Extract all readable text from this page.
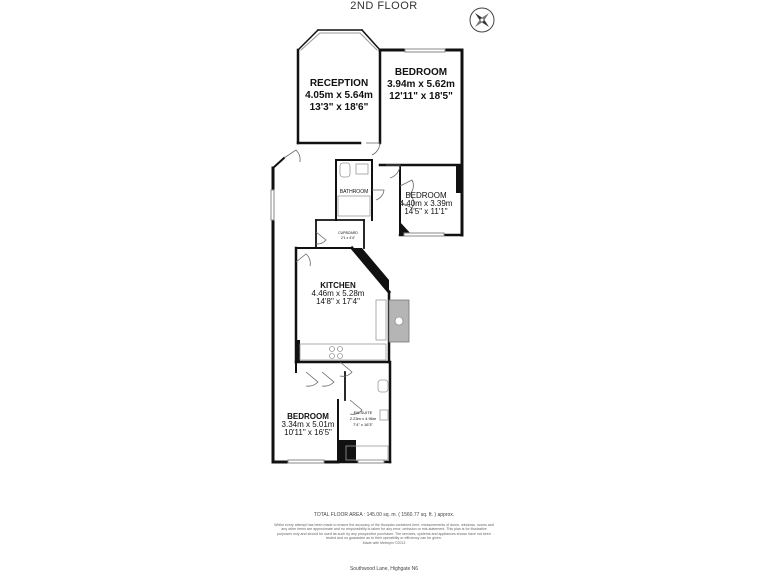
2ND FLOOR
RECEPTION
4.05m x 5.64m
13'3" x 18'6"
BEDROOM
3.94m x 5.62m
12'11" x 18'5"
BATHROOM	BEDROOM
4.40m x 3.39m
14'5" x 11'1"
CUPBOARD
2'1 x 4'4"
KITCHEN
4.46m x 5.28m
14'8" x 17'4"
BEDROOM
3.34m x 5.01m
10'11" x 16'5"
EN-SUITE
2.23m x 4.96m
7'4" x 16'3"
TOTAL FLOOR AREA : 145.00 sq. m. ( 1560.77 sq. ft. ) approx.
Whilst every attempt has been made to ensure the accuracy of the floorplan contained here, measurements of doors, windows, rooms and any other items are approximate and no responsibility is taken for any error, omission or mis-statement. This plan is for illustrative purposes only and should be used as such by any prospective purchaser. The services, systems and appliances shown have not been tested and no guarantee as to their operability or efficiency can be given.
Made with Metropix ©2013
Southwood Lane, Highgate N6
